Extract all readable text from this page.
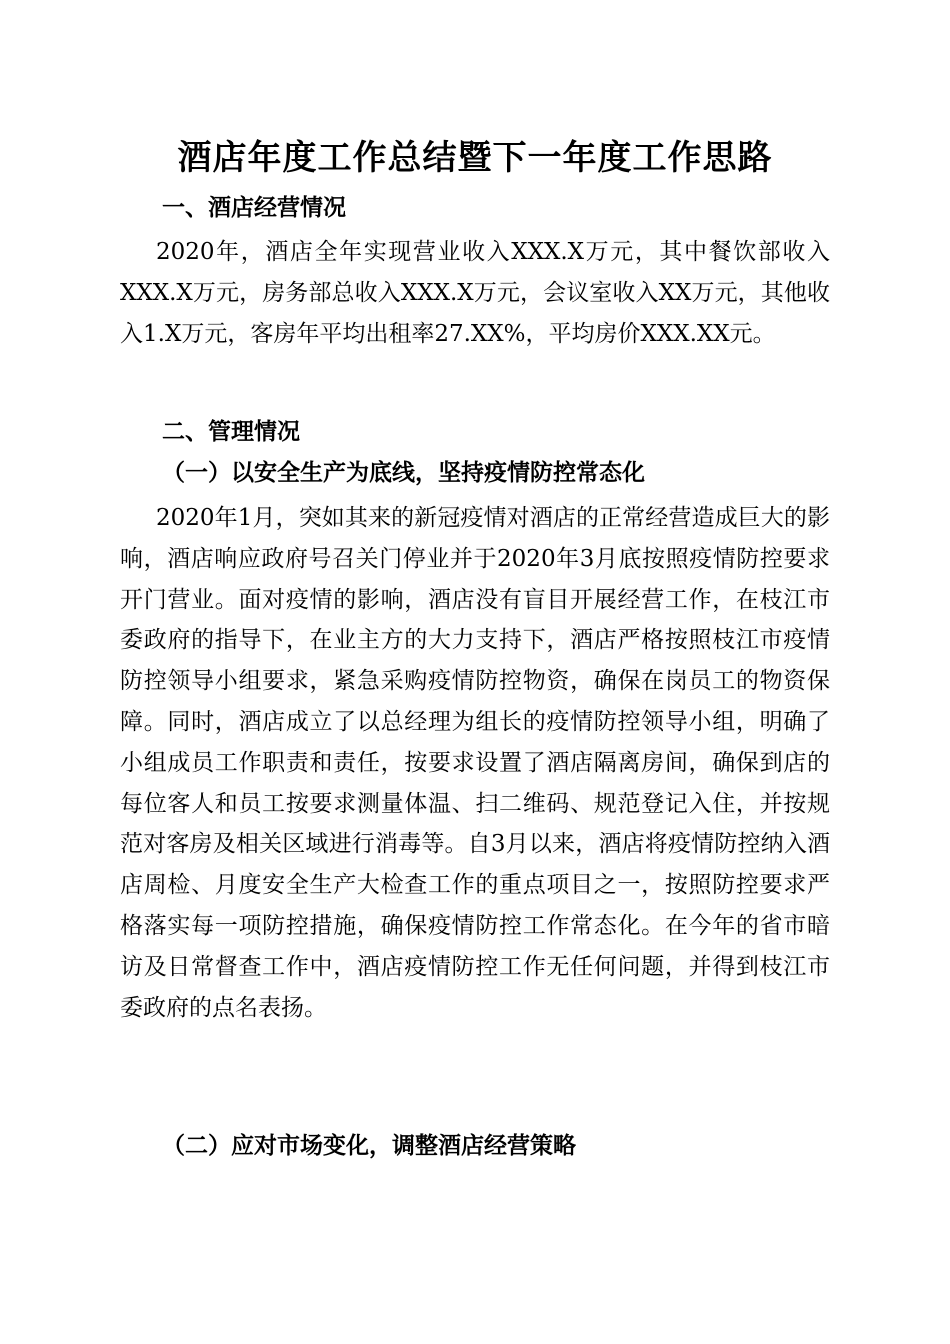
酒店年度工作总结暨下一年度工作思路
一、酒店经营情况

2020年，酒店全年实现营业收入XXX.X万元，其中餐饮部收入XXX.X万元，房务部总收入XXX.X万元，会议室收入XX万元，其他收入1.X万元，客房年平均出租率27.XX%，平均房价XXX.XX元。

二、管理情况
（一）以安全生产为底线，坚持疫情防控常态化

2020年1月，突如其来的新冠疫情对酒店的正常经营造成巨大的影响，酒店响应政府号召关门停业并于2020年3月底按照疫情防控要求开门营业。面对疫情的影响，酒店没有盲目开展经营工作，在枝江市委政府的指导下，在业主方的大力支持下，酒店严格按照枝江市疫情防控领导小组要求，紧急采购疫情防控物资，确保在岗员工的物资保障。同时，酒店成立了以总经理为组长的疫情防控领导小组，明确了小组成员工作职责和责任，按要求设置了酒店隔离房间，确保到店的每位客人和员工按要求测量体温、扫二维码、规范登记入住，并按规范对客房及相关区域进行消毒等。自3月以来，酒店将疫情防控纳入酒店周检、月度安全生产大检查工作的重点项目之一，按照防控要求严格落实每一项防控措施，确保疫情防控工作常态化。在今年的省市暗访及日常督查工作中，酒店疫情防控工作无任何问题，并得到枝江市委政府的点名表扬。

（二）应对市场变化，调整酒店经营策略
